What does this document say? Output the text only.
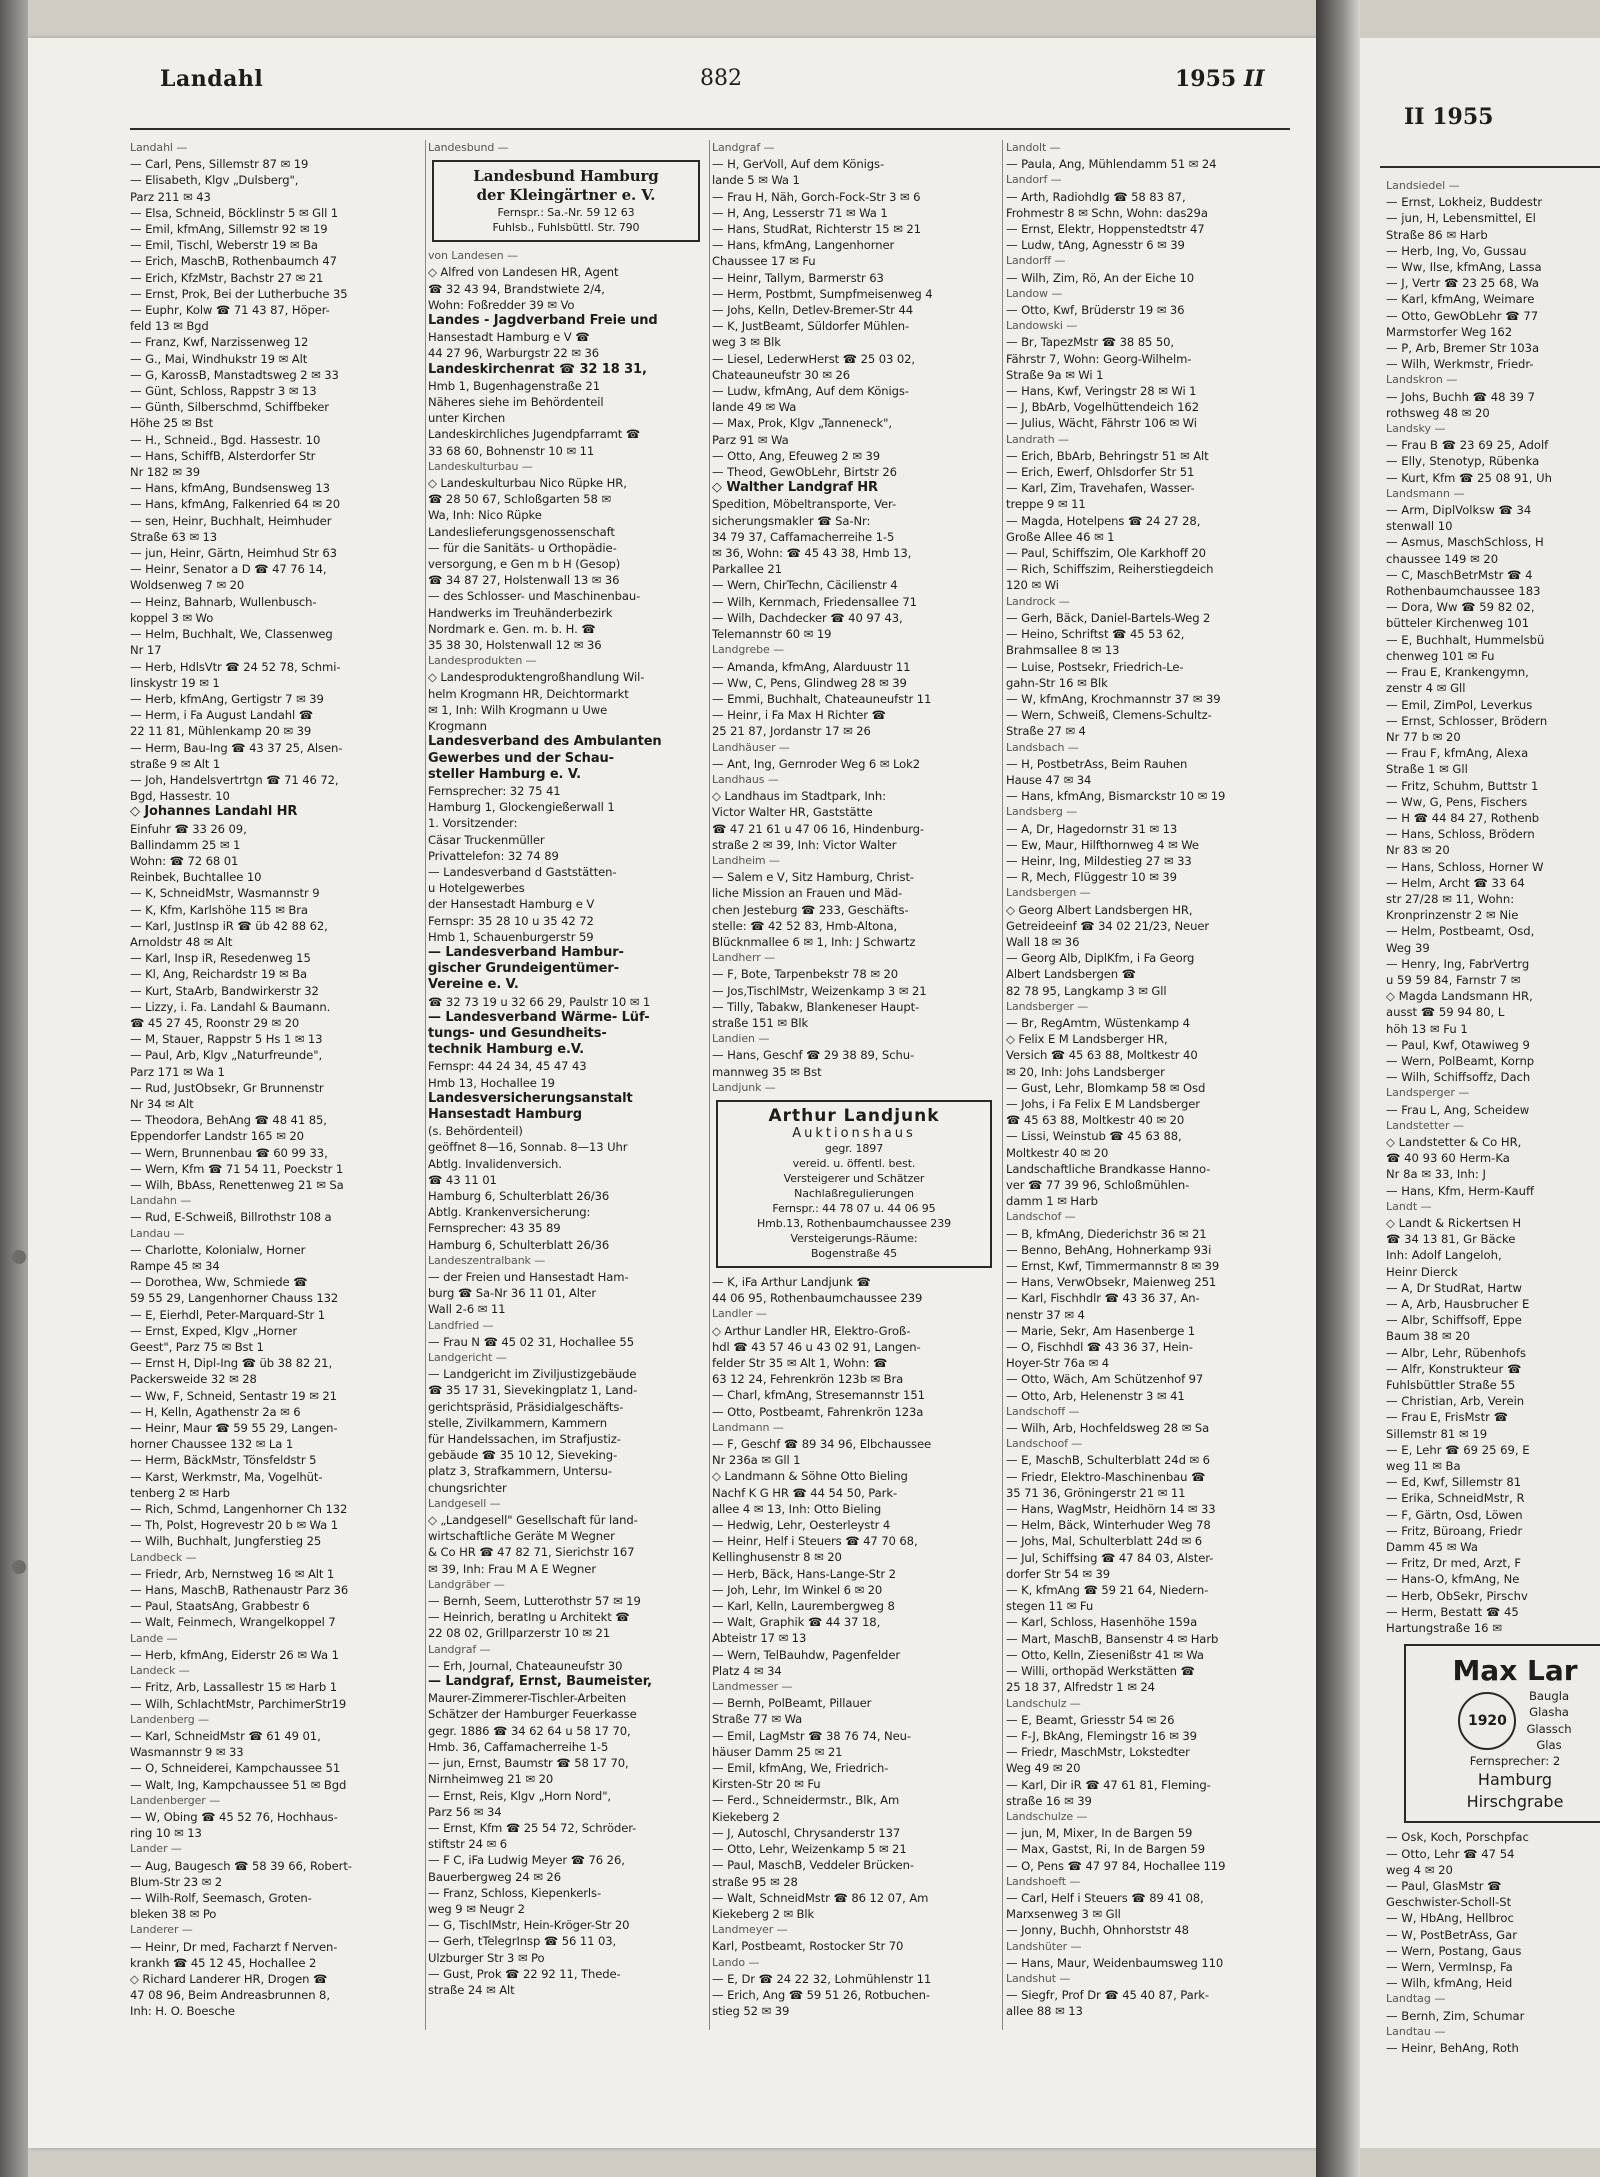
Landahl	882	1955 II
Landahl —
— Carl, Pens, Sillemstr 87 ✉ 19
— Elisabeth, Klgv „Dulsberg",
Parz 211 ✉ 43
— Elsa, Schneid, Böcklinstr 5 ✉ Gll 1
— Emil, kfmAng, Sillemstr 92 ✉ 19
— Emil, Tischl, Weberstr 19 ✉ Ba
— Erich, MaschB, Rothenbaumch 47
— Erich, KfzMstr, Bachstr 27 ✉ 21
— Ernst, Prok, Bei der Lutherbuche 35
— Euphr, Kolw ☎ 71 43 87, Höper-
feld 13 ✉ Bgd
— Franz, Kwf, Narzissenweg 12
— G., Mai, Windhukstr 19 ✉ Alt
— G, KarossB, Manstadtsweg 2 ✉ 33
— Günt, Schloss, Rappstr 3 ✉ 13
— Günth, Silberschmd, Schiffbeker
Höhe 25 ✉ Bst
— H., Schneid., Bgd. Hassestr. 10
— Hans, SchiffB, Alsterdorfer Str
Nr 182 ✉ 39
— Hans, kfmAng, Bundsensweg 13
— Hans, kfmAng, Falkenried 64 ✉ 20
— sen, Heinr, Buchhalt, Heimhuder
Straße 63 ✉ 13
— jun, Heinr, Gärtn, Heimhud Str 63
— Heinr, Senator a D ☎ 47 76 14,
Woldsenweg 7 ✉ 20
— Heinz, Bahnarb, Wullenbusch-
koppel 3 ✉ Wo
— Helm, Buchhalt, We, Classenweg
Nr 17
— Herb, HdlsVtr ☎ 24 52 78, Schmi-
linskystr 19 ✉ 1
— Herb, kfmAng, Gertigstr 7 ✉ 39
— Herm, i Fa August Landahl ☎
22 11 81, Mühlenkamp 20 ✉ 39
— Herm, Bau-Ing ☎ 43 37 25, Alsen-
straße 9 ✉ Alt 1
— Joh, Handelsvertrtgn ☎ 71 46 72,
Bgd, Hassestr. 10
◇ Johannes Landahl HR
Einfuhr ☎ 33 26 09,
Ballindamm 25 ✉ 1
Wohn: ☎ 72 68 01
Reinbek, Buchtallee 10
— K, SchneidMstr, Wasmannstr 9
— K, Kfm, Karlshöhe 115 ✉ Bra
— Karl, JustInsp iR ☎ üb 42 88 62,
Arnoldstr 48 ✉ Alt
— Karl, Insp iR, Resedenweg 15
— Kl, Ang, Reichardstr 19 ✉ Ba
— Kurt, StaArb, Bandwirkerstr 32
— Lizzy, i. Fa. Landahl & Baumann.
☎ 45 27 45, Roonstr 29 ✉ 20
— M, Stauer, Rappstr 5 Hs 1 ✉ 13
— Paul, Arb, Klgv „Naturfreunde",
Parz 171 ✉ Wa 1
— Rud, JustObsekr, Gr Brunnenstr
Nr 34 ✉ Alt
— Theodora, BehAng ☎ 48 41 85,
Eppendorfer Landstr 165 ✉ 20
— Wern, Brunnenbau ☎ 60 99 33,
— Wern, Kfm ☎ 71 54 11, Poeckstr 1
— Wilh, BbAss, Renettenweg 21 ✉ Sa
Landahn —
— Rud, E-Schweiß, Billrothstr 108 a
Landau —
— Charlotte, Kolonialw, Horner
Rampe 45 ✉ 34
— Dorothea, Ww, Schmiede ☎
59 55 29, Langenhorner Chauss 132
— E, Eierhdl, Peter-Marquard-Str 1
— Ernst, Exped, Klgv „Horner
Geest", Parz 75 ✉ Bst 1
— Ernst H, Dipl-Ing ☎ üb 38 82 21,
Packersweide 32 ✉ 28
— Ww, F, Schneid, Sentastr 19 ✉ 21
— H, Kelln, Agathenstr 2a ✉ 6
— Heinr, Maur ☎ 59 55 29, Langen-
horner Chaussee 132 ✉ La 1
— Herm, BäckMstr, Tönsfeldstr 5
— Karst, Werkmstr, Ma, Vogelhüt-
tenberg 2 ✉ Harb
— Rich, Schmd, Langenhorner Ch 132
— Th, Polst, Hogrevestr 20 b ✉ Wa 1
— Wilh, Buchhalt, Jungferstieg 25
Landbeck —
— Friedr, Arb, Nernstweg 16 ✉ Alt 1
— Hans, MaschB, Rathenaustr Parz 36
— Paul, StaatsAng, Grabbestr 6
— Walt, Feinmech, Wrangelkoppel 7
Lande —
— Herb, kfmAng, Eiderstr 26 ✉ Wa 1
Landeck —
— Fritz, Arb, Lassallestr 15 ✉ Harb 1
— Wilh, SchlachtMstr, ParchimerStr19
Landenberg —
— Karl, SchneidMstr ☎ 61 49 01,
Wasmannstr 9 ✉ 33
— O, Schneiderei, Kampchaussee 51
— Walt, Ing, Kampchaussee 51 ✉ Bgd
Landenberger —
— W, Obing ☎ 45 52 76, Hochhaus-
ring 10 ✉ 13
Lander —
— Aug, Baugesch ☎ 58 39 66, Robert-
Blum-Str 23 ✉ 2
— Wilh-Rolf, Seemasch, Groten-
bleken 38 ✉ Po
Landerer —
— Heinr, Dr med, Facharzt f Nerven-
krankh ☎ 45 12 45, Hochallee 2
◇ Richard Landerer HR, Drogen ☎
47 08 96, Beim Andreasbrunnen 8,
Inh: H. O. Boesche
Landesbund —
Landesbund Hamburg
der Kleingärtner e. V.
Fernspr.: Sa.-Nr. 59 12 63
Fuhlsb., Fuhlsbüttl. Str. 790
von Landesen —
◇ Alfred von Landesen HR, Agent
☎ 32 43 94, Brandstwiete 2/4,
Wohn: Foßredder 39 ✉ Vo
Landes - Jagdverband Freie und
Hansestadt Hamburg e V ☎
44 27 96, Warburgstr 22 ✉ 36
Landeskirchenrat ☎ 32 18 31,
Hmb 1, Bugenhagenstraße 21
Näheres siehe im Behördenteil
unter Kirchen
Landeskirchliches Jugendpfarramt ☎
33 68 60, Bohnenstr 10 ✉ 11
Landeskulturbau —
◇ Landeskulturbau Nico Rüpke HR,
☎ 28 50 67, Schloßgarten 58 ✉
Wa, Inh: Nico Rüpke
Landeslieferungsgenossenschaft
— für die Sanitäts- u Orthopädie-
versorgung, e Gen m b H (Gesop)
☎ 34 87 27, Holstenwall 13 ✉ 36
— des Schlosser- und Maschinenbau-
Handwerks im Treuhänderbezirk
Nordmark e. Gen. m. b. H. ☎
35 38 30, Holstenwall 12 ✉ 36
Landesprodukten —
◇ Landesproduktengroßhandlung Wil-
helm Krogmann HR, Deichtormarkt
✉ 1, Inh: Wilh Krogmann u Uwe
Krogmann
Landesverband des Ambulanten
Gewerbes und der Schau-
steller Hamburg e. V.
Fernsprecher: 32 75 41
Hamburg 1, Glockengießerwall 1
1. Vorsitzender:
Cäsar Truckenmüller
Privattelefon: 32 74 89
— Landesverband d Gaststätten-
u Hotelgewerbes
der Hansestadt Hamburg e V
Fernspr: 35 28 10 u 35 42 72
Hmb 1, Schauenburgerstr 59
— Landesverband Hambur-
gischer Grundeigentümer-
Vereine e. V.
☎ 32 73 19 u 32 66 29, Paulstr 10 ✉ 1
— Landesverband Wärme- Lüf-
tungs- und Gesundheits-
technik Hamburg e.V.
Fernspr: 44 24 34, 45 47 43
Hmb 13, Hochallee 19
Landesversicherungsanstalt
Hansestadt Hamburg
(s. Behördenteil)
geöffnet 8—16, Sonnab. 8—13 Uhr
Abtlg. Invalidenversich.
☎ 43 11 01
Hamburg 6, Schulterblatt 26/36
Abtlg. Krankenversicherung:
Fernsprecher: 43 35 89
Hamburg 6, Schulterblatt 26/36
Landeszentralbank —
— der Freien und Hansestadt Ham-
burg ☎ Sa-Nr 36 11 01, Alter
Wall 2-6 ✉ 11
Landfried —
— Frau N ☎ 45 02 31, Hochallee 55
Landgericht —
— Landgericht im Ziviljustizgebäude
☎ 35 17 31, Sievekingplatz 1, Land-
gerichtspräsid, Präsidialgeschäfts-
stelle, Zivilkammern, Kammern
für Handelssachen, im Strafjustiz-
gebäude ☎ 35 10 12, Sieveking-
platz 3, Strafkammern, Untersu-
chungsrichter
Landgesell —
◇ „Landgesell" Gesellschaft für land-
wirtschaftliche Geräte M Wegner
& Co HR ☎ 47 82 71, Sierichstr 167
✉ 39, Inh: Frau M A E Wegner
Landgräber —
— Bernh, Seem, Lutterothstr 57 ✉ 19
— Heinrich, beratIng u Architekt ☎
22 08 02, Grillparzerstr 10 ✉ 21
Landgraf —
— Erh, Journal, Chateauneufstr 30
— Landgraf, Ernst, Baumeister,
Maurer-Zimmerer-Tischler-Arbeiten
Schätzer der Hamburger Feuerkasse
gegr. 1886 ☎ 34 62 64 u 58 17 70,
Hmb. 36, Caffamacherreihe 1-5
— jun, Ernst, Baumstr ☎ 58 17 70,
Nirnheimweg 21 ✉ 20
— Ernst, Reis, Klgv „Horn Nord",
Parz 56 ✉ 34
— Ernst, Kfm ☎ 25 54 72, Schröder-
stiftstr 24 ✉ 6
— F C, iFa Ludwig Meyer ☎ 76 26,
Bauerbergweg 24 ✉ 26
— Franz, Schloss, Kiepenkerls-
weg 9 ✉ Neugr 2
— G, TischlMstr, Hein-Kröger-Str 20
— Gerh, tTelegrInsp ☎ 56 11 03,
Ulzburger Str 3 ✉ Po
— Gust, Prok ☎ 22 92 11, Thede-
straße 24 ✉ Alt
Landgraf —
— H, GerVoll, Auf dem Königs-
lande 5 ✉ Wa 1
— Frau H, Näh, Gorch-Fock-Str 3 ✉ 6
— H, Ang, Lesserstr 71 ✉ Wa 1
— Hans, StudRat, Richterstr 15 ✉ 21
— Hans, kfmAng, Langenhorner
Chaussee 17 ✉ Fu
— Heinr, Tallym, Barmerstr 63
— Herm, Postbmt, Sumpfmeisenweg 4
— Johs, Kelln, Detlev-Bremer-Str 44
— K, JustBeamt, Süldorfer Mühlen-
weg 3 ✉ Blk
— Liesel, LederwHerst ☎ 25 03 02,
Chateauneufstr 30 ✉ 26
— Ludw, kfmAng, Auf dem Königs-
lande 49 ✉ Wa
— Max, Prok, Klgv „Tanneneck",
Parz 91 ✉ Wa
— Otto, Ang, Efeuweg 2 ✉ 39
— Theod, GewObLehr, Birtstr 26
◇ Walther Landgraf HR
Spedition, Möbeltransporte, Ver-
sicherungsmakler ☎ Sa-Nr:
34 79 37, Caffamacherreihe 1-5
✉ 36, Wohn: ☎ 45 43 38, Hmb 13,
Parkallee 21
— Wern, ChirTechn, Cäcilienstr 4
— Wilh, Kernmach, Friedensallee 71
— Wilh, Dachdecker ☎ 40 97 43,
Telemannstr 60 ✉ 19
Landgrebe —
— Amanda, kfmAng, Alarduustr 11
— Ww, C, Pens, Glindweg 28 ✉ 39
— Emmi, Buchhalt, Chateauneufstr 11
— Heinr, i Fa Max H Richter ☎
25 21 87, Jordanstr 17 ✉ 26
Landhäuser —
— Ant, Ing, Gernroder Weg 6 ✉ Lok2
Landhaus —
◇ Landhaus im Stadtpark, Inh:
Victor Walter HR, Gaststätte
☎ 47 21 61 u 47 06 16, Hindenburg-
straße 2 ✉ 39, Inh: Victor Walter
Landheim —
— Salem e V, Sitz Hamburg, Christ-
liche Mission an Frauen und Mäd-
chen Jesteburg ☎ 233, Geschäfts-
stelle: ☎ 42 52 83, Hmb-Altona,
Blücknmallee 6 ✉ 1, Inh: J Schwartz
Landherr —
— F, Bote, Tarpenbekstr 78 ✉ 20
— Jos,TischlMstr, Weizenkamp 3 ✉ 21
— Tilly, Tabakw, Blankeneser Haupt-
straße 151 ✉ Blk
Landien —
— Hans, Geschf ☎ 29 38 89, Schu-
mannweg 35 ✉ Bst
Landjunk —
Arthur Landjunk
Auktionshaus
gegr. 1897
vereid. u. öffentl. best.
Versteigerer und Schätzer
Nachlaßregulierungen
Fernspr.: 44 78 07 u. 44 06 95
Hmb.13, Rothenbaumchaussee 239
Versteigerungs-Räume:
Bogenstraße 45
— K, iFa Arthur Landjunk ☎
44 06 95, Rothenbaumchaussee 239
Landler —
◇ Arthur Landler HR, Elektro-Groß-
hdl ☎ 43 57 46 u 43 02 91, Langen-
felder Str 35 ✉ Alt 1, Wohn: ☎
63 12 24, Fehrenkrön 123b ✉ Bra
— Charl, kfmAng, Stresemannstr 151
— Otto, Postbeamt, Fahrenkrön 123a
Landmann —
— F, Geschf ☎ 89 34 96, Elbchaussee
Nr 236a ✉ Gll 1
◇ Landmann & Söhne Otto Bieling
Nachf K G HR ☎ 44 54 50, Park-
allee 4 ✉ 13, Inh: Otto Bieling
— Hedwig, Lehr, Oesterleystr 4
— Heinr, Helf i Steuers ☎ 47 70 68,
Kellinghusenstr 8 ✉ 20
— Herb, Bäck, Hans-Lange-Str 2
— Joh, Lehr, Im Winkel 6 ✉ 20
— Karl, Kelln, Laurembergweg 8
— Walt, Graphik ☎ 44 37 18,
Abteistr 17 ✉ 13
— Wern, TelBauhdw, Pagenfelder
Platz 4 ✉ 34
Landmesser —
— Bernh, PolBeamt, Pillauer
Straße 77 ✉ Wa
— Emil, LagMstr ☎ 38 76 74, Neu-
häuser Damm 25 ✉ 21
— Emil, kfmAng, We, Friedrich-
Kirsten-Str 20 ✉ Fu
— Ferd., Schneidermstr., Blk, Am
Kiekeberg 2
— J, Autoschl, Chrysanderstr 137
— Otto, Lehr, Weizenkamp 5 ✉ 21
— Paul, MaschB, Veddeler Brücken-
straße 95 ✉ 28
— Walt, SchneidMstr ☎ 86 12 07, Am
Kiekeberg 2 ✉ Blk
Landmeyer —
Karl, Postbeamt, Rostocker Str 70
Lando —
— E, Dr ☎ 24 22 32, Lohmühlenstr 11
— Erich, Ang ☎ 59 51 26, Rotbuchen-
stieg 52 ✉ 39
Landolt —
— Paula, Ang, Mühlendamm 51 ✉ 24
Landorf —
— Arth, RadiohdIg ☎ 58 83 87,
Frohmestr 8 ✉ Schn, Wohn: das29a
— Ernst, Elektr, Hoppenstedtstr 47
— Ludw, tAng, Agnesstr 6 ✉ 39
Landorff —
— Wilh, Zim, Rö, An der Eiche 10
Landow —
— Otto, Kwf, Brüderstr 19 ✉ 36
Landowski —
— Br, TapezMstr ☎ 38 85 50,
Fährstr 7, Wohn: Georg-Wilhelm-
Straße 9a ✉ Wi 1
— Hans, Kwf, Veringstr 28 ✉ Wi 1
— J, BbArb, Vogelhüttendeich 162
— Julius, Wächt, Fährstr 106 ✉ Wi
Landrath —
— Erich, BbArb, Behringstr 51 ✉ Alt
— Erich, Ewerf, Ohlsdorfer Str 51
— Karl, Zim, Travehafen, Wasser-
treppe 9 ✉ 11
— Magda, Hotelpens ☎ 24 27 28,
Große Allee 46 ✉ 1
— Paul, Schiffszim, Ole Karkhoff 20
— Rich, Schiffszim, Reiherstiegdeich
120 ✉ Wi
Landrock —
— Gerh, Bäck, Daniel-Bartels-Weg 2
— Heino, Schriftst ☎ 45 53 62,
Brahmsallee 8 ✉ 13
— Luise, Postsekr, Friedrich-Le-
gahn-Str 16 ✉ Blk
— W, kfmAng, Krochmannstr 37 ✉ 39
— Wern, Schweiß, Clemens-Schultz-
Straße 27 ✉ 4
Landsbach —
— H, PostbetrAss, Beim Rauhen
Hause 47 ✉ 34
— Hans, kfmAng, Bismarckstr 10 ✉ 19
Landsberg —
— A, Dr, Hagedornstr 31 ✉ 13
— Ew, Maur, Hilfthornweg 4 ✉ We
— Heinr, Ing, Mildestieg 27 ✉ 33
— R, Mech, Flüggestr 10 ✉ 39
Landsbergen —
◇ Georg Albert Landsbergen HR,
Getreideeinf ☎ 34 02 21/23, Neuer
Wall 18 ✉ 36
— Georg Alb, DiplKfm, i Fa Georg
Albert Landsbergen ☎
82 78 95, Langkamp 3 ✉ Gll
Landsberger —
— Br, RegAmtm, Wüstenkamp 4
◇ Felix E M Landsberger HR,
Versich ☎ 45 63 88, Moltkestr 40
✉ 20, Inh: Johs Landsberger
— Gust, Lehr, Blomkamp 58 ✉ Osd
— Johs, i Fa Felix E M Landsberger
☎ 45 63 88, Moltkestr 40 ✉ 20
— Lissi, Weinstub ☎ 45 63 88,
Moltkestr 40 ✉ 20
Landschaftliche Brandkasse Hanno-
ver ☎ 77 39 96, Schloßmühlen-
damm 1 ✉ Harb
Landschof —
— B, kfmAng, Diederichstr 36 ✉ 21
— Benno, BehAng, Hohnerkamp 93i
— Ernst, Kwf, Timmermannstr 8 ✉ 39
— Hans, VerwObsekr, Maienweg 251
— Karl, Fischhdlr ☎ 43 36 37, An-
nenstr 37 ✉ 4
— Marie, Sekr, Am Hasenberge 1
— O, Fischhdl ☎ 43 36 37, Hein-
Hoyer-Str 76a ✉ 4
— Otto, Wäch, Am Schützenhof 97
— Otto, Arb, Helenenstr 3 ✉ 41
Landschoff —
— Wilh, Arb, Hochfeldsweg 28 ✉ Sa
Landschoof —
— E, MaschB, Schulterblatt 24d ✉ 6
— Friedr, Elektro-Maschinenbau ☎
35 71 36, Gröningerstr 21 ✉ 11
— Hans, WagMstr, Heidhörn 14 ✉ 33
— Helm, Bäck, Winterhuder Weg 78
— Johs, Mal, Schulterblatt 24d ✉ 6
— Jul, Schiffsing ☎ 47 84 03, Alster-
dorfer Str 54 ✉ 39
— K, kfmAng ☎ 59 21 64, Niedern-
stegen 11 ✉ Fu
— Karl, Schloss, Hasenhöhe 159a
— Mart, MaschB, Bansenstr 4 ✉ Harb
— Otto, Kelln, Ziesenißstr 41 ✉ Wa
— Willi, orthopäd Werkstätten ☎
25 18 37, Alfredstr 1 ✉ 24
Landschulz —
— E, Beamt, Griesstr 54 ✉ 26
— F-J, BkAng, Flemingstr 16 ✉ 39
— Friedr, MaschMstr, Lokstedter
Weg 49 ✉ 20
— Karl, Dir iR ☎ 47 61 81, Fleming-
straße 16 ✉ 39
Landschulze —
— jun, M, Mixer, In de Bargen 59
— Max, Gastst, Ri, In de Bargen 59
— O, Pens ☎ 47 97 84, Hochallee 119
Landshoeft —
— Carl, Helf i Steuers ☎ 89 41 08,
Marxsenweg 3 ✉ Gll
— Jonny, Buchh, Ohnhorststr 48
Landshüter —
— Hans, Maur, Weidenbaumsweg 110
Landshut —
— Siegfr, Prof Dr ☎ 45 40 87, Park-
allee 88 ✉ 13
II 1955
Landsiedel —
— Ernst, Lokheiz, Buddestr
— jun, H, Lebensmittel, El
Straße 86 ✉ Harb
— Herb, Ing, Vo, Gussau
— Ww, Ilse, kfmAng, Lassa
— J, Vertr ☎ 23 25 68, Wa
— Karl, kfmAng, Weimare
— Otto, GewObLehr ☎ 77
Marmstorfer Weg 162
— P, Arb, Bremer Str 103a
— Wilh, Werkmstr, Friedr-
Landskron —
— Johs, Buchh ☎ 48 39 7
rothsweg 48 ✉ 20
Landsky —
— Frau B ☎ 23 69 25, Adolf
— Elly, Stenotyp, Rübenka
— Kurt, Kfm ☎ 25 08 91, Uh
Landsmann —
— Arm, DiplVolksw ☎ 34
stenwall 10
— Asmus, MaschSchloss, H
chaussee 149 ✉ 20
— C, MaschBetrMstr ☎ 4
Rothenbaumchaussee 183
— Dora, Ww ☎ 59 82 02,
bütteler Kirchenweg 101
— E, Buchhalt, Hummelsbü
chenweg 101 ✉ Fu
— Frau E, Krankengymn,
zenstr 4 ✉ Gll
— Emil, ZimPol, Leverkus
— Ernst, Schlosser, Brödern
Nr 77 b ✉ 20
— Frau F, kfmAng, Alexa
Straße 1 ✉ Gll
— Fritz, Schuhm, Buttstr 1
— Ww, G, Pens, Fischers
— H ☎ 44 84 27, Rothenb
— Hans, Schloss, Brödern
Nr 83 ✉ 20
— Hans, Schloss, Horner W
— Helm, Archt ☎ 33 64
str 27/28 ✉ 11, Wohn:
Kronprinzenstr 2 ✉ Nie
— Helm, Postbeamt, Osd,
Weg 39
— Henry, Ing, FabrVertrg
u 59 59 84, Farnstr 7 ✉
◇ Magda Landsmann HR,
ausst ☎ 59 94 80, L
höh 13 ✉ Fu 1
— Paul, Kwf, Otawiweg 9
— Wern, PolBeamt, Kornp
— Wilh, Schiffsoffz, Dach
Landsperger —
— Frau L, Ang, Scheidew
Landstetter —
◇ Landstetter & Co HR,
☎ 40 93 60 Herm-Ka
Nr 8a ✉ 33, Inh: J
— Hans, Kfm, Herm-Kauff
Landt —
◇ Landt & Rickertsen H
☎ 34 13 81, Gr Bäcke
Inh: Adolf Langeloh,
Heinr Dierck
— A, Dr StudRat, Hartw
— A, Arb, Hausbrucher E
— Albr, Schiffsoff, Eppe
Baum 38 ✉ 20
— Albr, Lehr, Rübenhofs
— Alfr, Konstrukteur ☎
Fuhlsbüttler Straße 55
— Christian, Arb, Verein
— Frau E, FrisMstr ☎
Sillemstr 81 ✉ 19
— E, Lehr ☎ 69 25 69, E
weg 11 ✉ Ba
— Ed, Kwf, Sillemstr 81
— Erika, SchneidMstr, R
— F, Gärtn, Osd, Löwen
— Fritz, Büroang, Friedr
Damm 45 ✉ Wa
— Fritz, Dr med, Arzt, F
— Hans-O, kfmAng, Ne
— Herb, ObSekr, Pirschv
— Herm, Bestatt ☎ 45
Hartungstraße 16 ✉
Max Lar
1920
Baugla
Glasha
Glassch
Glas
Fernsprecher: 2
Hamburg
Hirschgrabe
— Osk, Koch, Porschpfac
— Otto, Lehr ☎ 47 54
weg 4 ✉ 20
— Paul, GlasMstr ☎
Geschwister-Scholl-St
— W, HbAng, Hellbroc
— W, PostBetrAss, Gar
— Wern, Postang, Gaus
— Wern, VermInsp, Fa
— Wilh, kfmAng, Heid
Landtag —
— Bernh, Zim, Schumar
Landtau —
— Heinr, BehAng, Roth
